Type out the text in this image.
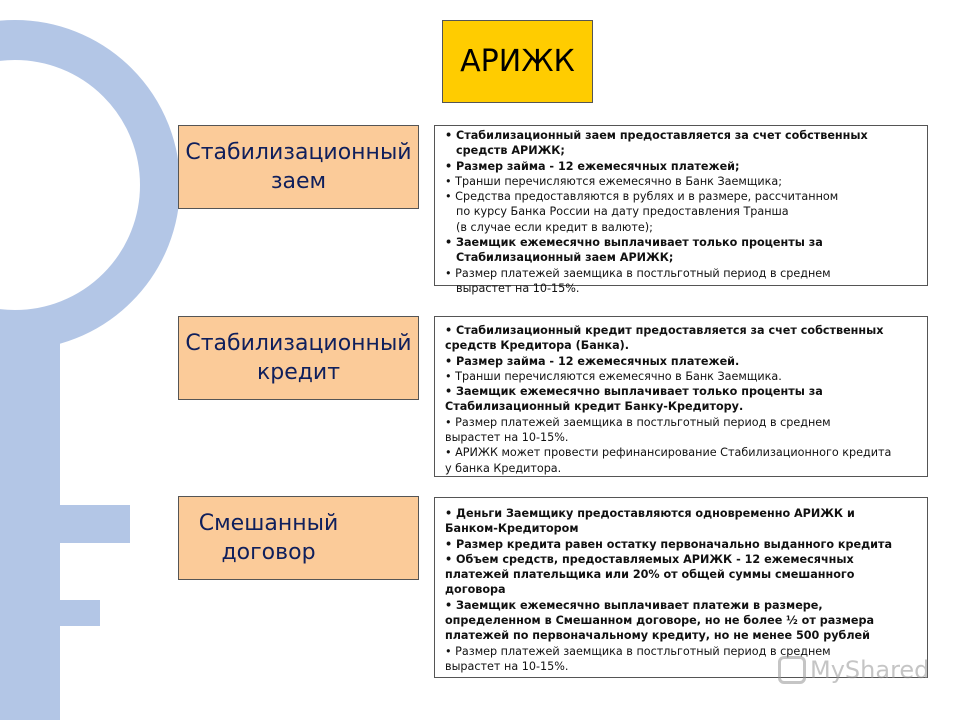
АРИЖК
Стабилизационный
заем
Стабилизационный
кредит
Смешанный
договор
• Стабилизационный заем предоставляется за счет собственных
средств АРИЖК;
• Размер займа - 12 ежемесячных платежей;
• Транши перечисляются ежемесячно в Банк Заемщика;
• Средства предоставляются в рублях и в размере, рассчитанном
по курсу Банка России на дату предоставления Транша
(в случае если кредит в валюте);
• Заемщик ежемесячно выплачивает только проценты за
Стабилизационный заем АРИЖК;
• Размер платежей заемщика в постльготный период в среднем
вырастет на 10-15%.
• Стабилизационный кредит предоставляется за счет собственных
средств Кредитора (Банка).
• Размер займа - 12 ежемесячных платежей.
• Транши перечисляются ежемесячно в Банк Заемщика.
• Заемщик ежемесячно выплачивает только проценты за
Стабилизационный кредит Банку-Кредитору.
• Размер платежей заемщика в постльготный период в среднем
вырастет на 10-15%.
• АРИЖК может провести рефинансирование Стабилизационного кредита
у банка Кредитора.
• Деньги Заемщику предоставляются одновременно АРИЖК и
Банком-Кредитором
• Размер кредита равен остатку первоначально выданного кредита
• Объем средств, предоставляемых АРИЖК - 12 ежемесячных
платежей плательщика или 20% от общей суммы смешанного
договора
• Заемщик ежемесячно выплачивает платежи в размере,
определенном в Смешанном договоре, но не более ½ от размера
платежей по первоначальному кредиту, но не менее 500 рублей
• Размер платежей заемщика в постльготный период в среднем
вырастет на 10-15%.	MyShared
